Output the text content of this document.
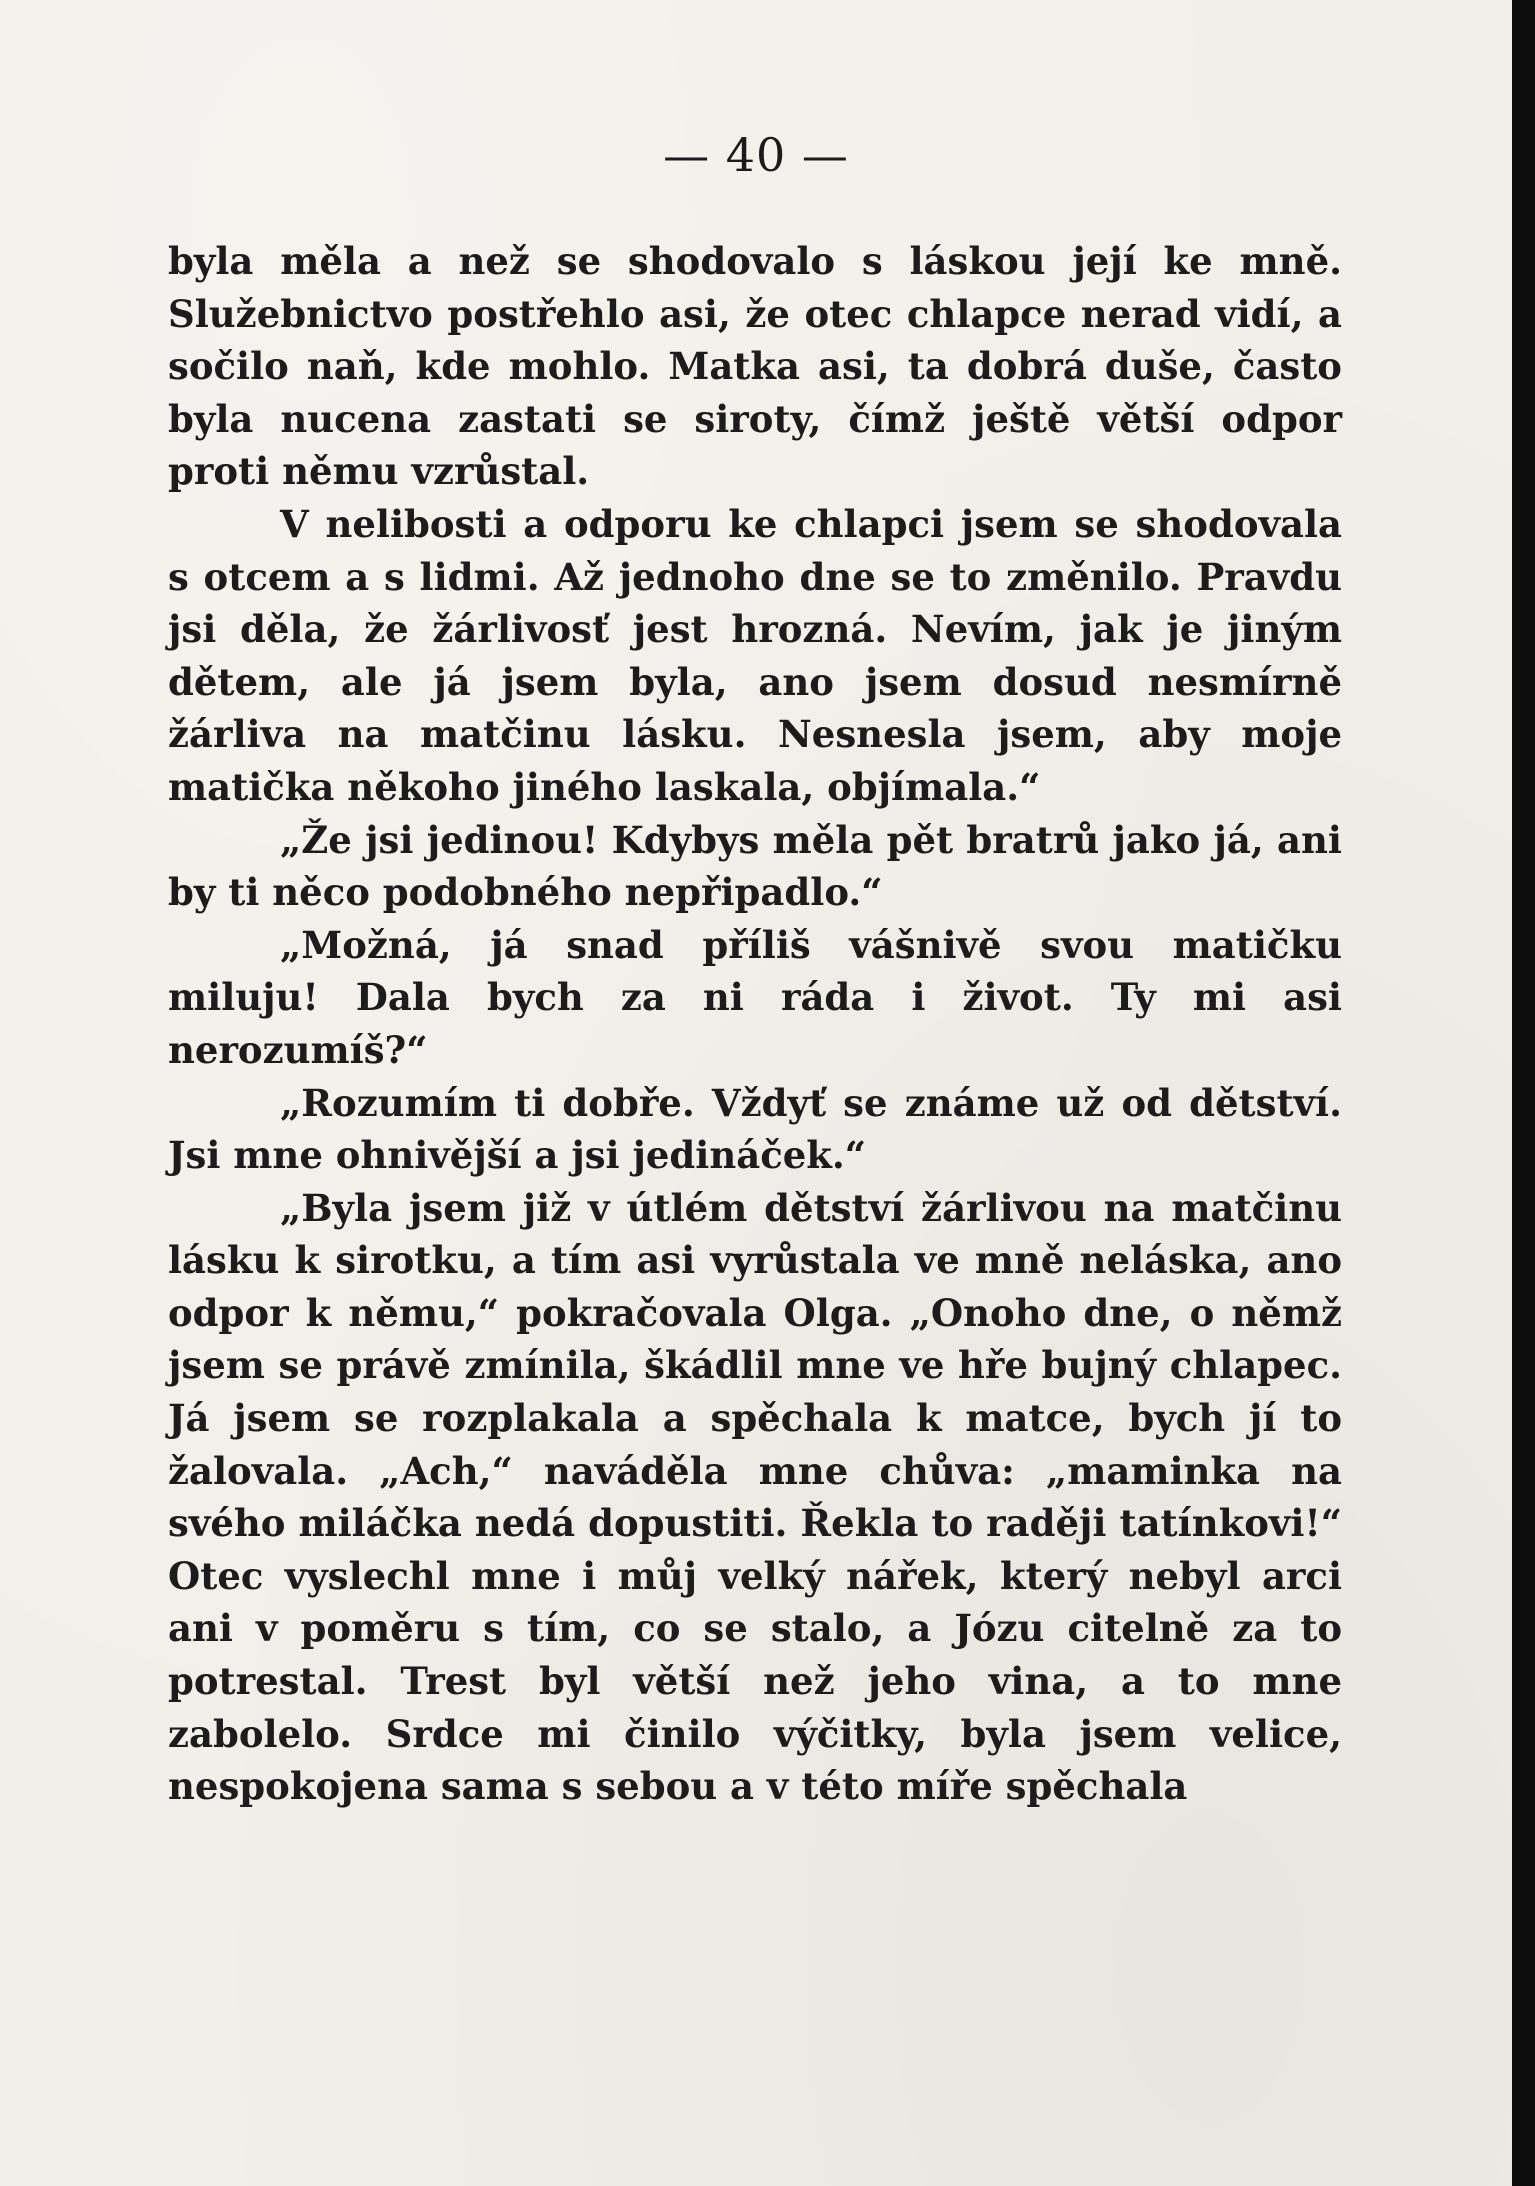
— 40 —

byla měla a než se shodovalo s láskou její ke mně. Služebnictvo postřehlo asi, že otec chlapce nerad vidí, a sočilo naň, kde mohlo. Matka asi, ta dobrá duše, často byla nucena zastati se siroty, čímž ještě větší odpor proti němu vzrůstal.

V nelibosti a odporu ke chlapci jsem se shodovala s otcem a s lidmi. Až jednoho dne se to změnilo. Pravdu jsi děla, že žárlivosť jest hrozná. Nevím, jak je jiným dětem, ale já jsem byla, ano jsem dosud nesmírně žárliva na matčinu lásku. Nesnesla jsem, aby moje matička někoho jiného laskala, objímala.“

„Že jsi jedinou! Kdybys měla pět bratrů jako já, ani by ti něco podobného nepřipadlo.“

„Možná, já snad příliš vášnivě svou matičku miluju! Dala bych za ni ráda i život. Ty mi asi nerozumíš?“

„Rozumím ti dobře. Vždyť se známe už od dětství. Jsi mne ohnivější a jsi jedináček.“

„Byla jsem již v útlém dětství žárlivou na matčinu lásku k sirotku, a tím asi vyrůstala ve mně neláska, ano odpor k němu,“ pokračovala Olga. „Onoho dne, o němž jsem se právě zmínila, škádlil mne ve hře bujný chlapec. Já jsem se rozplakala a spěchala k matce, bych jí to žalovala. „Ach,“ naváděla mne chůva: „maminka na svého miláčka nedá dopustiti. Řekla to raději tatínkovi!“ Otec vyslechl mne i můj velký nářek, který nebyl arci ani v poměru s tím, co se stalo, a Józu citelně za to potrestal. Trest byl větší než jeho vina, a to mne zabolelo. Srdce mi činilo výčitky, byla jsem velice, nespokojena sama s sebou a v této míře spěchala
